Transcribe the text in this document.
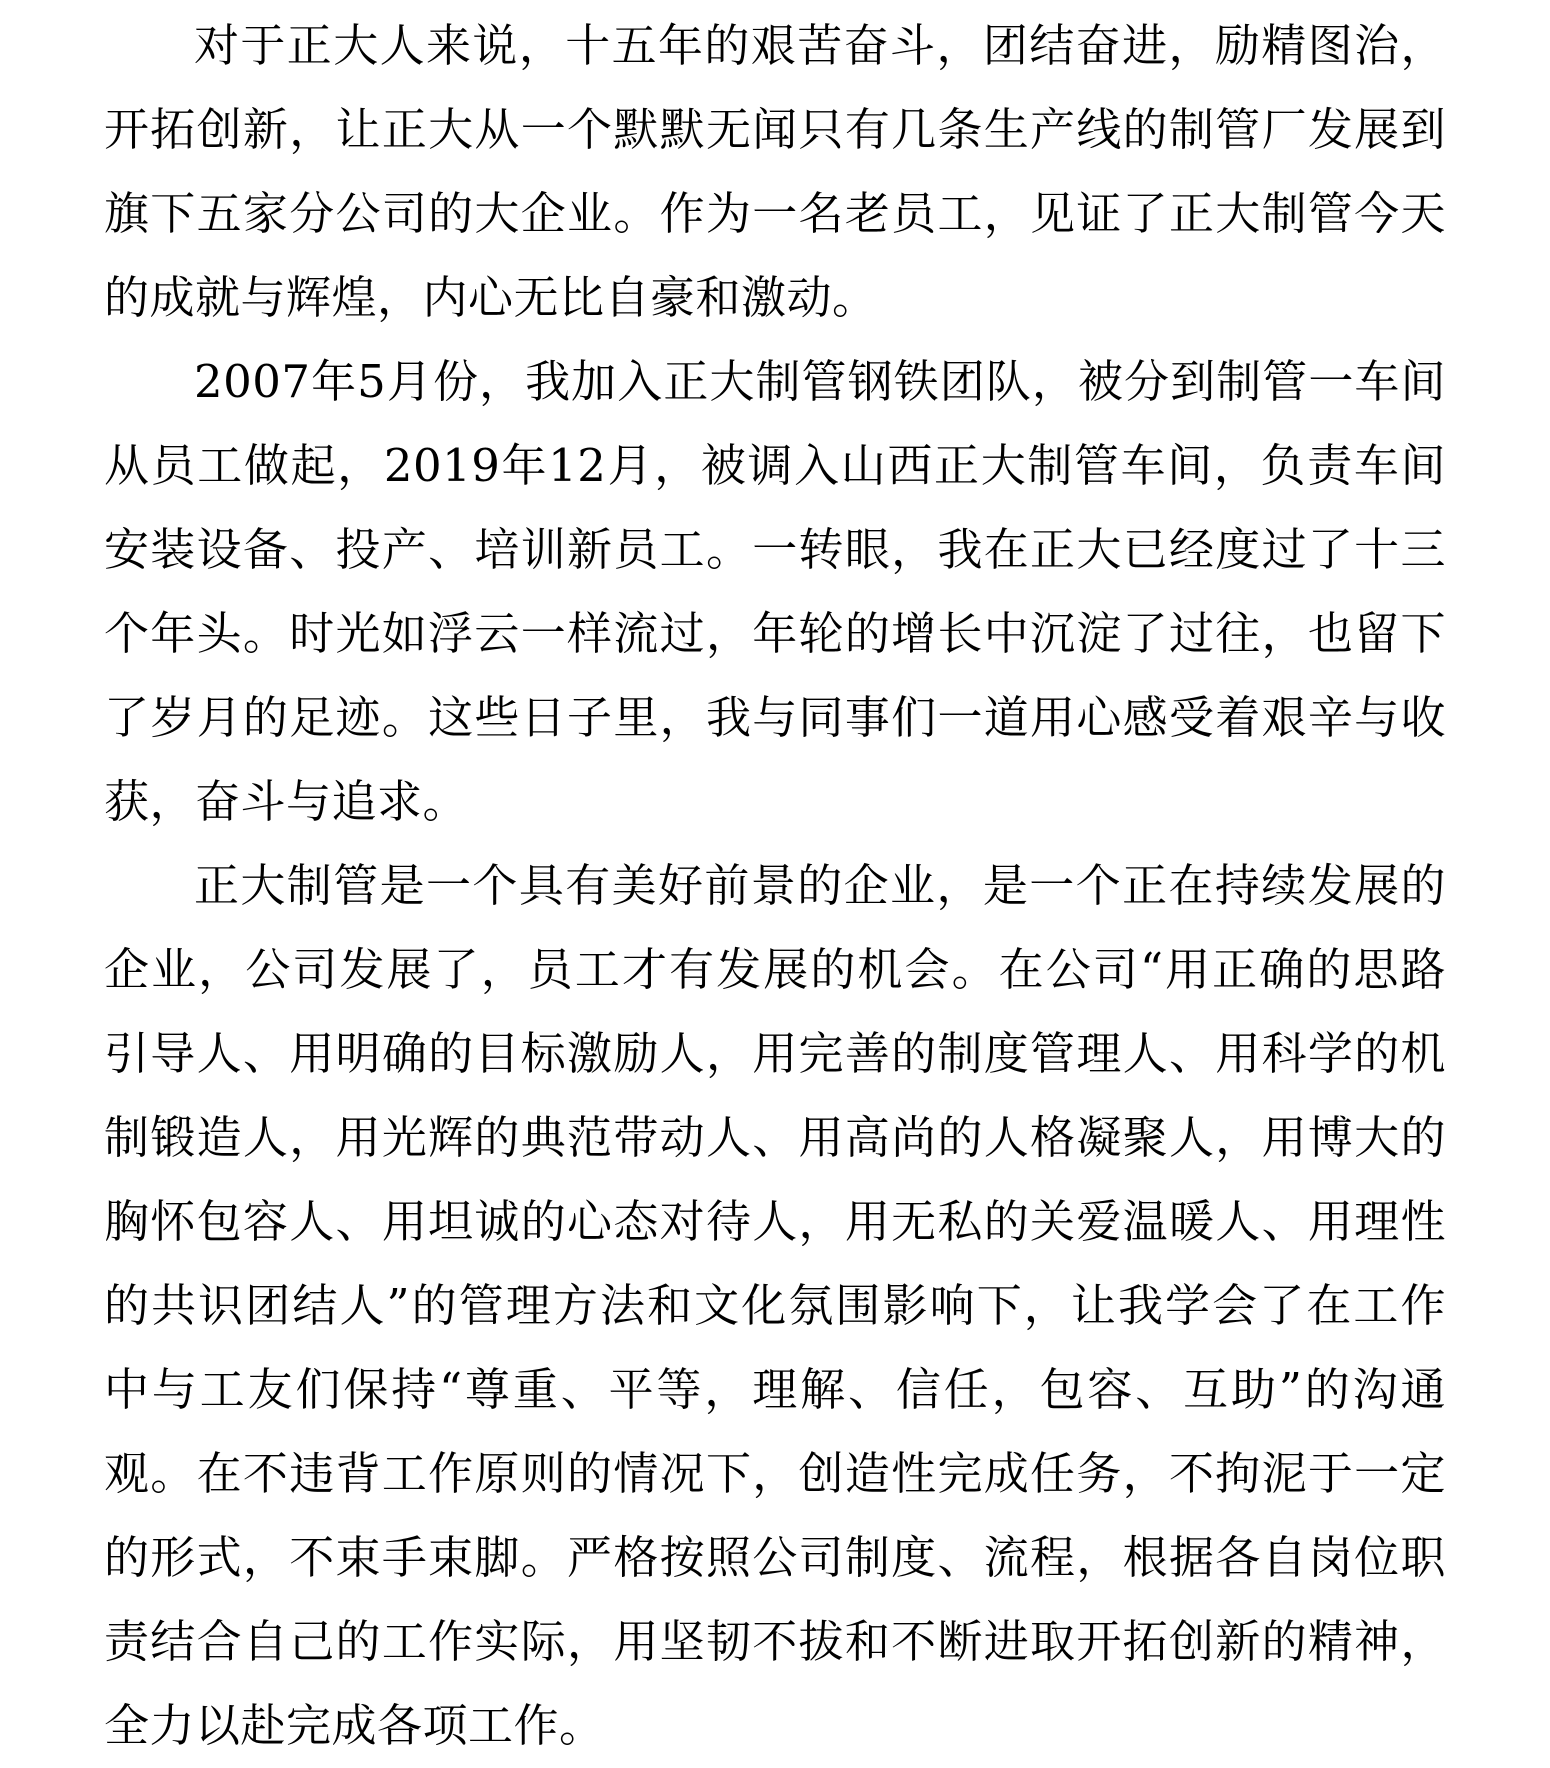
对于正大人来说，十五年的艰苦奋斗，团结奋进，励精图治，开拓创新，让正大从一个默默无闻只有几条生产线的制管厂发展到旗下五家分公司的大企业。作为一名老员工，见证了正大制管今天的成就与辉煌，内心无比自豪和激动。

2007年5月份，我加入正大制管钢铁团队，被分到制管一车间从员工做起，2019年12月，被调入山西正大制管车间，负责车间安装设备、投产、培训新员工。一转眼，我在正大已经度过了十三个年头。时光如浮云一样流过，年轮的增长中沉淀了过往，也留下了岁月的足迹。这些日子里，我与同事们一道用心感受着艰辛与收获，奋斗与追求。

正大制管是一个具有美好前景的企业，是一个正在持续发展的企业，公司发展了，员工才有发展的机会。在公司“用正确的思路引导人、用明确的目标激励人，用完善的制度管理人、用科学的机制锻造人，用光辉的典范带动人、用高尚的人格凝聚人，用博大的胸怀包容人、用坦诚的心态对待人，用无私的关爱温暖人、用理性的共识团结人”的管理方法和文化氛围影响下，让我学会了在工作中与工友们保持“尊重、平等，理解、信任，包容、互助”的沟通观。在不违背工作原则的情况下，创造性完成任务，不拘泥于一定的形式，不束手束脚。严格按照公司制度、流程，根据各自岗位职责结合自己的工作实际，用坚韧不拔和不断进取开拓创新的精神，全力以赴完成各项工作。
